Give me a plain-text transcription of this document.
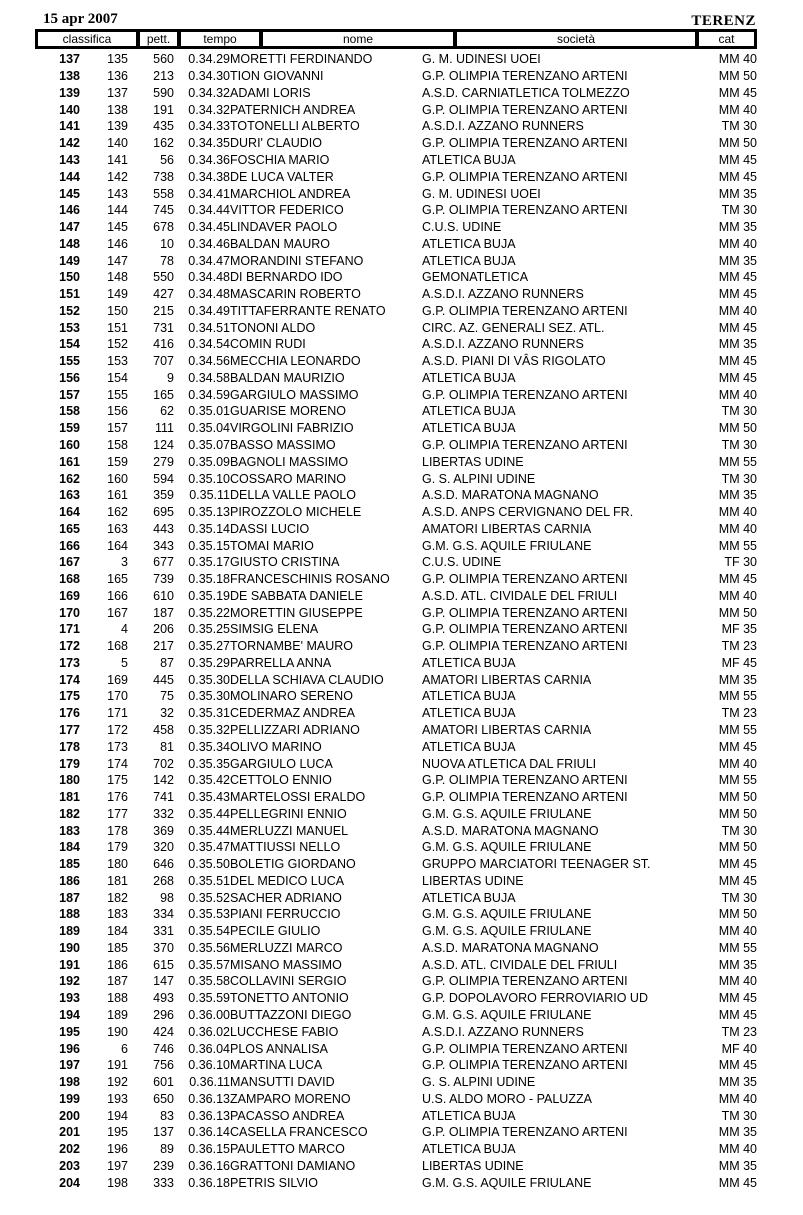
15 apr 2007	TERENZ
classifica	pett.	tempo	nome	società	cat
137	135	560	0.34.29	MORETTI FERDINANDO	G. M. UDINESI UOEI	MM 40
138	136	213	0.34.30	TION GIOVANNI	G.P. OLIMPIA TERENZANO ARTENI	MM 50
139	137	590	0.34.32	ADAMI LORIS	A.S.D. CARNIATLETICA TOLMEZZO	MM 45
140	138	191	0.34.32	PATERNICH ANDREA	G.P. OLIMPIA TERENZANO ARTENI	MM 40
141	139	435	0.34.33	TOTONELLI ALBERTO	A.S.D.I. AZZANO RUNNERS	TM 30
142	140	162	0.34.35	DURI' CLAUDIO	G.P. OLIMPIA TERENZANO ARTENI	MM 50
143	141	56	0.34.36	FOSCHIA MARIO	ATLETICA BUJA	MM 45
144	142	738	0.34.38	DE LUCA VALTER	G.P. OLIMPIA TERENZANO ARTENI	MM 45
145	143	558	0.34.41	MARCHIOL ANDREA	G. M. UDINESI UOEI	MM 35
146	144	745	0.34.44	VITTOR FEDERICO	G.P. OLIMPIA TERENZANO ARTENI	TM 30
147	145	678	0.34.45	LINDAVER PAOLO	C.U.S. UDINE	MM 35
148	146	10	0.34.46	BALDAN MAURO	ATLETICA BUJA	MM 40
149	147	78	0.34.47	MORANDINI STEFANO	ATLETICA BUJA	MM 35
150	148	550	0.34.48	DI BERNARDO IDO	GEMONATLETICA	MM 45
151	149	427	0.34.48	MASCARIN ROBERTO	A.S.D.I. AZZANO RUNNERS	MM 45
152	150	215	0.34.49	TITTAFERRANTE RENATO	G.P. OLIMPIA TERENZANO ARTENI	MM 40
153	151	731	0.34.51	TONONI ALDO	CIRC. AZ. GENERALI SEZ. ATL.	MM 45
154	152	416	0.34.54	COMIN RUDI	A.S.D.I. AZZANO RUNNERS	MM 35
155	153	707	0.34.56	MECCHIA LEONARDO	A.S.D. PIANI DI VÂS RIGOLATO	MM 45
156	154	9	0.34.58	BALDAN MAURIZIO	ATLETICA BUJA	MM 45
157	155	165	0.34.59	GARGIULO MASSIMO	G.P. OLIMPIA TERENZANO ARTENI	MM 40
158	156	62	0.35.01	GUARISE MORENO	ATLETICA BUJA	TM 30
159	157	111	0.35.04	VIRGOLINI FABRIZIO	ATLETICA BUJA	MM 50
160	158	124	0.35.07	BASSO MASSIMO	G.P. OLIMPIA TERENZANO ARTENI	TM 30
161	159	279	0.35.09	BAGNOLI MASSIMO	LIBERTAS UDINE	MM 55
162	160	594	0.35.10	COSSARO MARINO	G. S. ALPINI UDINE	TM 30
163	161	359	0.35.11	DELLA VALLE PAOLO	A.S.D. MARATONA MAGNANO	MM 35
164	162	695	0.35.13	PIROZZOLO MICHELE	A.S.D. ANPS CERVIGNANO DEL FR.	MM 40
165	163	443	0.35.14	DASSI LUCIO	AMATORI LIBERTAS CARNIA	MM 40
166	164	343	0.35.15	TOMAI MARIO	G.M. G.S. AQUILE FRIULANE	MM 55
167	3	677	0.35.17	GIUSTO CRISTINA	C.U.S. UDINE	TF 30
168	165	739	0.35.18	FRANCESCHINIS ROSANO	G.P. OLIMPIA TERENZANO ARTENI	MM 45
169	166	610	0.35.19	DE SABBATA DANIELE	A.S.D. ATL. CIVIDALE DEL FRIULI	MM 40
170	167	187	0.35.22	MORETTIN GIUSEPPE	G.P. OLIMPIA TERENZANO ARTENI	MM 50
171	4	206	0.35.25	SIMSIG ELENA	G.P. OLIMPIA TERENZANO ARTENI	MF 35
172	168	217	0.35.27	TORNAMBE' MAURO	G.P. OLIMPIA TERENZANO ARTENI	TM 23
173	5	87	0.35.29	PARRELLA ANNA	ATLETICA BUJA	MF 45
174	169	445	0.35.30	DELLA SCHIAVA CLAUDIO	AMATORI LIBERTAS CARNIA	MM 35
175	170	75	0.35.30	MOLINARO SERENO	ATLETICA BUJA	MM 55
176	171	32	0.35.31	CEDERMAZ ANDREA	ATLETICA BUJA	TM 23
177	172	458	0.35.32	PELLIZZARI ADRIANO	AMATORI LIBERTAS CARNIA	MM 55
178	173	81	0.35.34	OLIVO MARINO	ATLETICA BUJA	MM 45
179	174	702	0.35.35	GARGIULO LUCA	NUOVA ATLETICA DAL FRIULI	MM 40
180	175	142	0.35.42	CETTOLO ENNIO	G.P. OLIMPIA TERENZANO ARTENI	MM 55
181	176	741	0.35.43	MARTELOSSI ERALDO	G.P. OLIMPIA TERENZANO ARTENI	MM 50
182	177	332	0.35.44	PELLEGRINI ENNIO	G.M. G.S. AQUILE FRIULANE	MM 50
183	178	369	0.35.44	MERLUZZI MANUEL	A.S.D. MARATONA MAGNANO	TM 30
184	179	320	0.35.47	MATTIUSSI NELLO	G.M. G.S. AQUILE FRIULANE	MM 50
185	180	646	0.35.50	BOLETIG GIORDANO	GRUPPO MARCIATORI TEENAGER ST.	MM 45
186	181	268	0.35.51	DEL MEDICO LUCA	LIBERTAS UDINE	MM 45
187	182	98	0.35.52	SACHER ADRIANO	ATLETICA BUJA	TM 30
188	183	334	0.35.53	PIANI FERRUCCIO	G.M. G.S. AQUILE FRIULANE	MM 50
189	184	331	0.35.54	PECILE GIULIO	G.M. G.S. AQUILE FRIULANE	MM 40
190	185	370	0.35.56	MERLUZZI MARCO	A.S.D. MARATONA MAGNANO	MM 55
191	186	615	0.35.57	MISANO MASSIMO	A.S.D. ATL. CIVIDALE DEL FRIULI	MM 35
192	187	147	0.35.58	COLLAVINI SERGIO	G.P. OLIMPIA TERENZANO ARTENI	MM 40
193	188	493	0.35.59	TONETTO ANTONIO	G.P. DOPOLAVORO FERROVIARIO UD	MM 45
194	189	296	0.36.00	BUTTAZZONI DIEGO	G.M. G.S. AQUILE FRIULANE	MM 45
195	190	424	0.36.02	LUCCHESE FABIO	A.S.D.I. AZZANO RUNNERS	TM 23
196	6	746	0.36.04	PLOS ANNALISA	G.P. OLIMPIA TERENZANO ARTENI	MF 40
197	191	756	0.36.10	MARTINA LUCA	G.P. OLIMPIA TERENZANO ARTENI	MM 45
198	192	601	0.36.11	MANSUTTI DAVID	G. S. ALPINI UDINE	MM 35
199	193	650	0.36.13	ZAMPARO MORENO	U.S. ALDO MORO - PALUZZA	MM 40
200	194	83	0.36.13	PACASSO ANDREA	ATLETICA BUJA	TM 30
201	195	137	0.36.14	CASELLA FRANCESCO	G.P. OLIMPIA TERENZANO ARTENI	MM 35
202	196	89	0.36.15	PAULETTO MARCO	ATLETICA BUJA	MM 40
203	197	239	0.36.16	GRATTONI DAMIANO	LIBERTAS UDINE	MM 35
204	198	333	0.36.18	PETRIS SILVIO	G.M. G.S. AQUILE FRIULANE	MM 45
